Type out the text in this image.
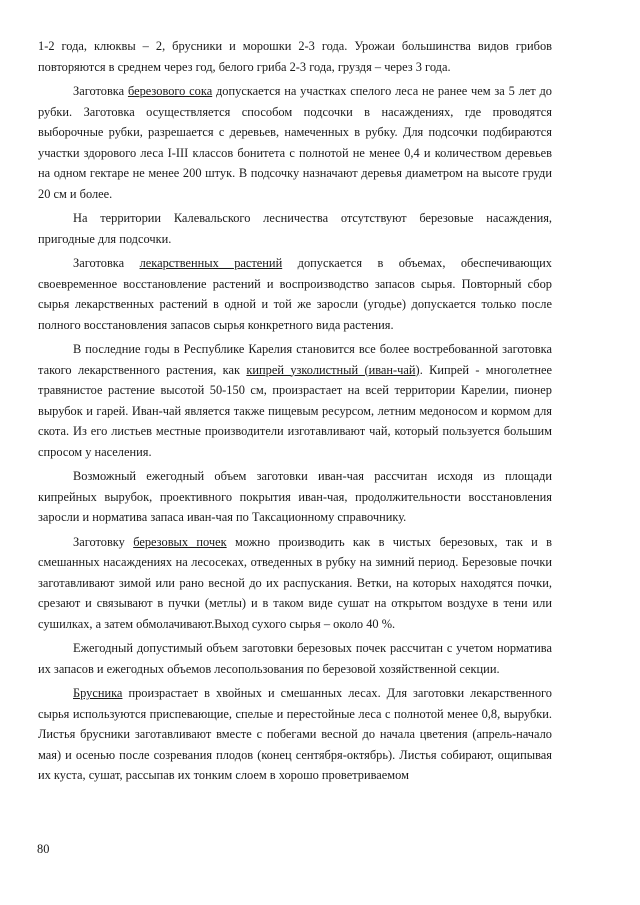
1-2 года, клюквы – 2, брусники и морошки 2-3 года. Урожаи большинства видов грибов повторяются в среднем через год, белого гриба 2-3 года, груздя – через 3 года.

Заготовка березового сока допускается на участках спелого леса не ранее чем за 5 лет до рубки. Заготовка осуществляется способом подсочки в насаждениях, где проводятся выборочные рубки, разрешается с деревьев, намеченных в рубку. Для подсочки подбираются участки здорового леса I-III классов бонитета с полнотой не менее 0,4 и количеством деревьев на одном гектаре не менее 200 штук. В подсочку назначают деревья диаметром на высоте груди 20 см и более.

На территории Калевальского лесничества отсутствуют березовые насаждения, пригодные для подсочки.

Заготовка лекарственных растений допускается в объемах, обеспечивающих своевременное восстановление растений и воспроизводство запасов сырья. Повторный сбор сырья лекарственных растений в одной и той же заросли (угодье) допускается только после полного восстановления запасов сырья конкретного вида растения.

В последние годы в Республике Карелия становится все более востребованной заготовка такого лекарственного растения, как кипрей узколистный (иван-чай). Кипрей - многолетнее травянистое растение высотой 50-150 см, произрастает на всей территории Карелии, пионер вырубок и гарей. Иван-чай является также пищевым ресурсом, летним медоносом и кормом для скота. Из его листьев местные производители изготавливают чай, который пользуется большим спросом у населения.

Возможный ежегодный объем заготовки иван-чая рассчитан исходя из площади кипрейных вырубок, проективного покрытия иван-чая, продолжительности восстановления заросли и норматива запаса иван-чая по Таксационному справочнику.

Заготовку березовых почек можно производить как в чистых березовых, так и в смешанных насаждениях на лесосеках, отведенных в рубку на зимний период. Березовые почки заготавливают зимой или рано весной до их распускания. Ветки, на которых находятся почки, срезают и связывают в пучки (метлы) и в таком виде сушат на открытом воздухе в тени или сушилках, а затем обмолачивают.Выход сухого сырья – около 40 %.

Ежегодный допустимый объем заготовки березовых почек рассчитан с учетом норматива их запасов и ежегодных объемов лесопользования по березовой хозяйственной секции.

Брусника произрастает в хвойных и смешанных лесах. Для заготовки лекарственного сырья используются приспевающие, спелые и перестойные леса с полнотой менее 0,8, вырубки. Листья брусники заготавливают вместе с побегами весной до начала цветения (апрель-начало мая) и осенью после созревания плодов (конец сентября-октябрь). Листья собирают, ощипывая их куста, сушат, рассыпав их тонким слоем в хорошо проветриваемом

80
